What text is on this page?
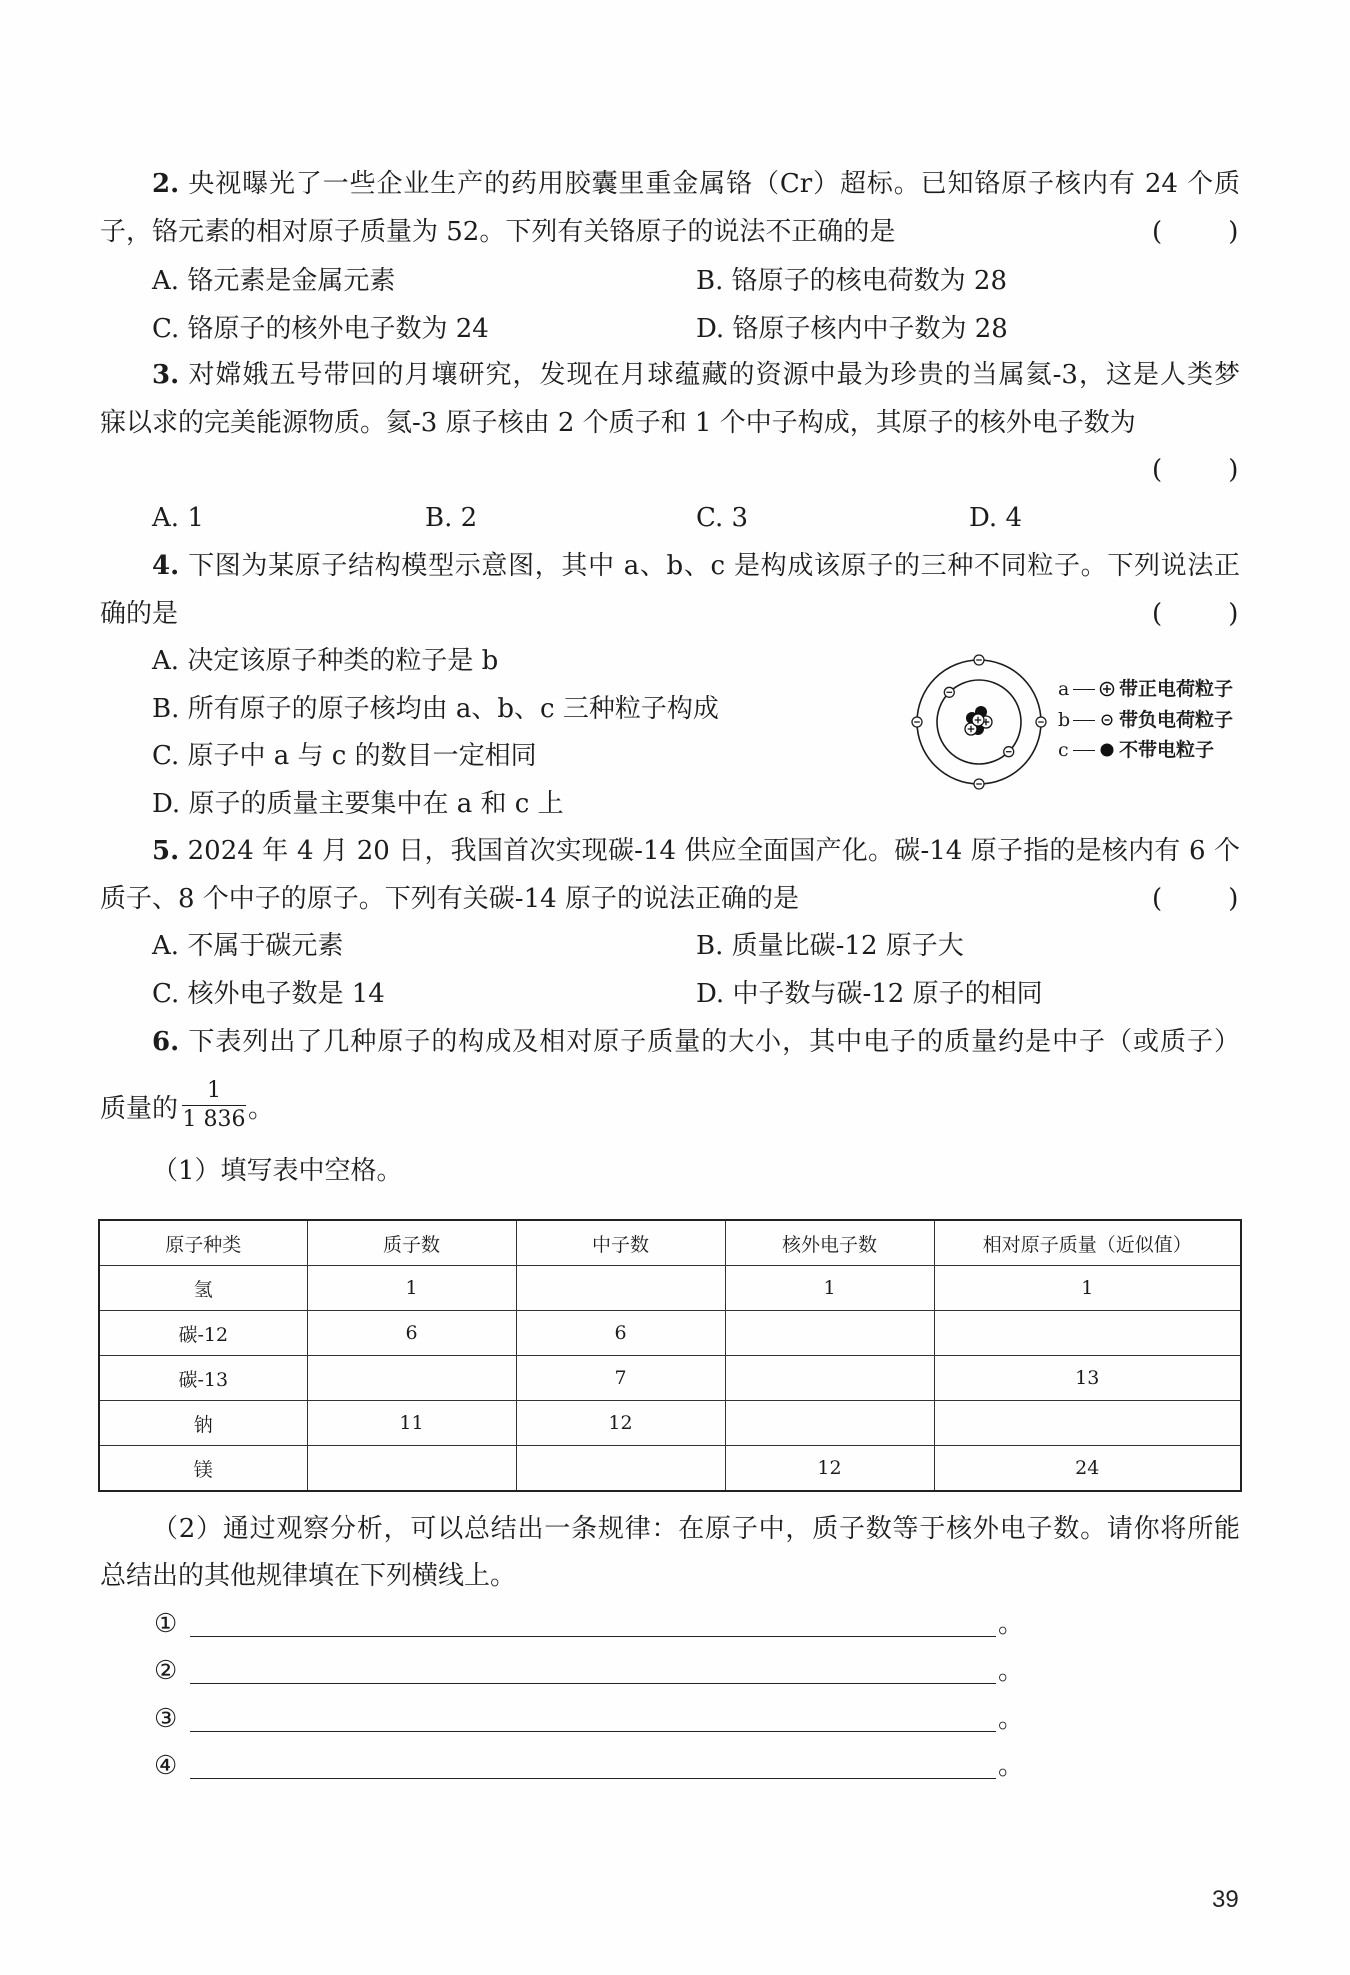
2. 央视曝光了一些企业生产的药用胶囊里重金属铬（Cr）超标。已知铬原子核内有 24 个质
子，铬元素的相对原子质量为 52。下列有关铬原子的说法不正确的是	(        )
A. 铬元素是金属元素	B. 铬原子的核电荷数为 28
C. 铬原子的核外电子数为 24	D. 铬原子核内中子数为 28
3. 对嫦娥五号带回的月壤研究，发现在月球蕴藏的资源中最为珍贵的当属氦-3，这是人类梦
寐以求的完美能源物质。氦-3 原子核由 2 个质子和 1 个中子构成，其原子的核外电子数为
(        )
A. 1	B. 2	C. 3	D. 4
4. 下图为某原子结构模型示意图，其中 a、b、c 是构成该原子的三种不同粒子。下列说法正
确的是	(        )
A. 决定该原子种类的粒子是 b
B. 所有原子的原子核均由 a、b、c 三种粒子构成
C. 原子中 a 与 c 的数目一定相同
D. 原子的质量主要集中在 a 和 c 上
a	带正电荷粒子
b	带负电荷粒子
c	不带电粒子
5. 2024 年 4 月 20 日，我国首次实现碳-14 供应全面国产化。碳-14 原子指的是核内有 6 个
质子、8 个中子的原子。下列有关碳-14 原子的说法正确的是	(        )
A. 不属于碳元素	B. 质量比碳-12 原子大
C. 核外电子数是 14	D. 中子数与碳-12 原子的相同
6. 下表列出了几种原子的构成及相对原子质量的大小，其中电子的质量约是中子（或质子）
质量的
1
1 836 。
（1）填写表中空格。
原子种类	质子数	中子数	核外电子数	相对原子质量（近似值）
氢	1		1	1
碳-12	6	6		
碳-13		7		13
钠	11	12		
镁			12	24
（2）通过观察分析，可以总结出一条规律：在原子中，质子数等于核外电子数。请你将所能
总结出的其他规律填在下列横线上。
①	。
②	。
③	。
④	。
39
